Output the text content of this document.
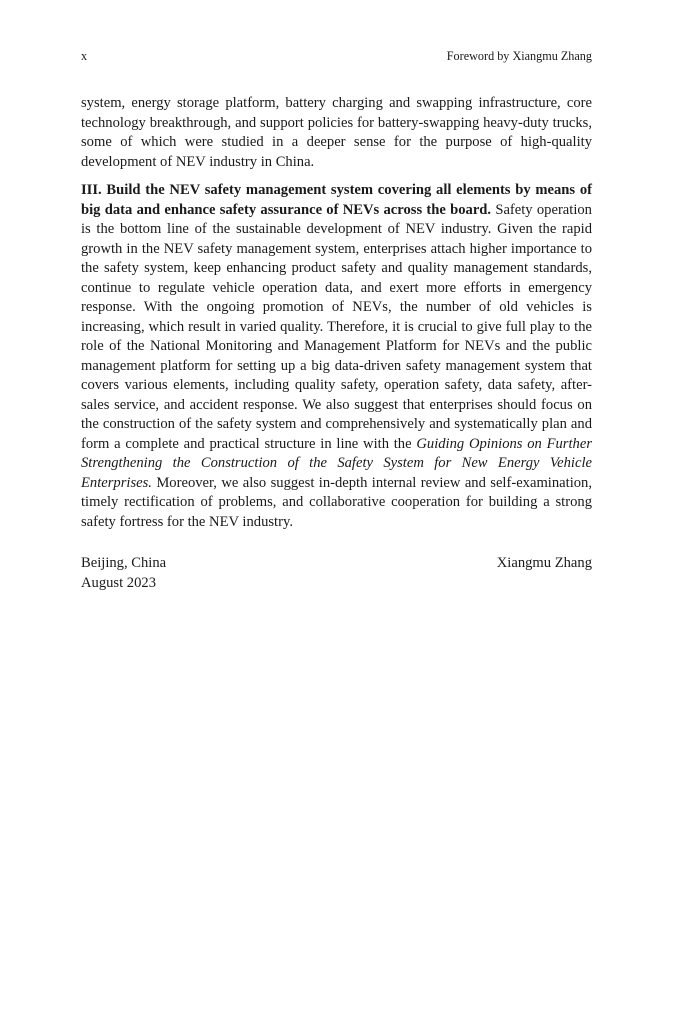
x	Foreword by Xiangmu Zhang

system, energy storage platform, battery charging and swapping infrastructure, core technology breakthrough, and support policies for battery-swapping heavy-duty trucks, some of which were studied in a deeper sense for the purpose of high-quality development of NEV industry in China.

III. Build the NEV safety management system covering all elements by means of big data and enhance safety assurance of NEVs across the board. Safety operation is the bottom line of the sustainable development of NEV industry. Given the rapid growth in the NEV safety management system, enterprises attach higher importance to the safety system, keep enhancing product safety and quality management standards, continue to regulate vehicle operation data, and exert more efforts in emergency response. With the ongoing promotion of NEVs, the number of old vehicles is increasing, which result in varied quality. Therefore, it is crucial to give full play to the role of the National Monitoring and Management Platform for NEVs and the public management platform for setting up a big data-driven safety management system that covers various elements, including quality safety, operation safety, data safety, after-sales service, and accident response. We also suggest that enterprises should focus on the construction of the safety system and comprehensively and systematically plan and form a complete and practical structure in line with the Guiding Opinions on Further Strengthening the Construction of the Safety System for New Energy Vehicle Enterprises. Moreover, we also suggest in-depth internal review and self-examination, timely rectification of problems, and collaborative cooperation for building a strong safety fortress for the NEV industry.

Beijing, China	Xiangmu Zhang
August 2023
